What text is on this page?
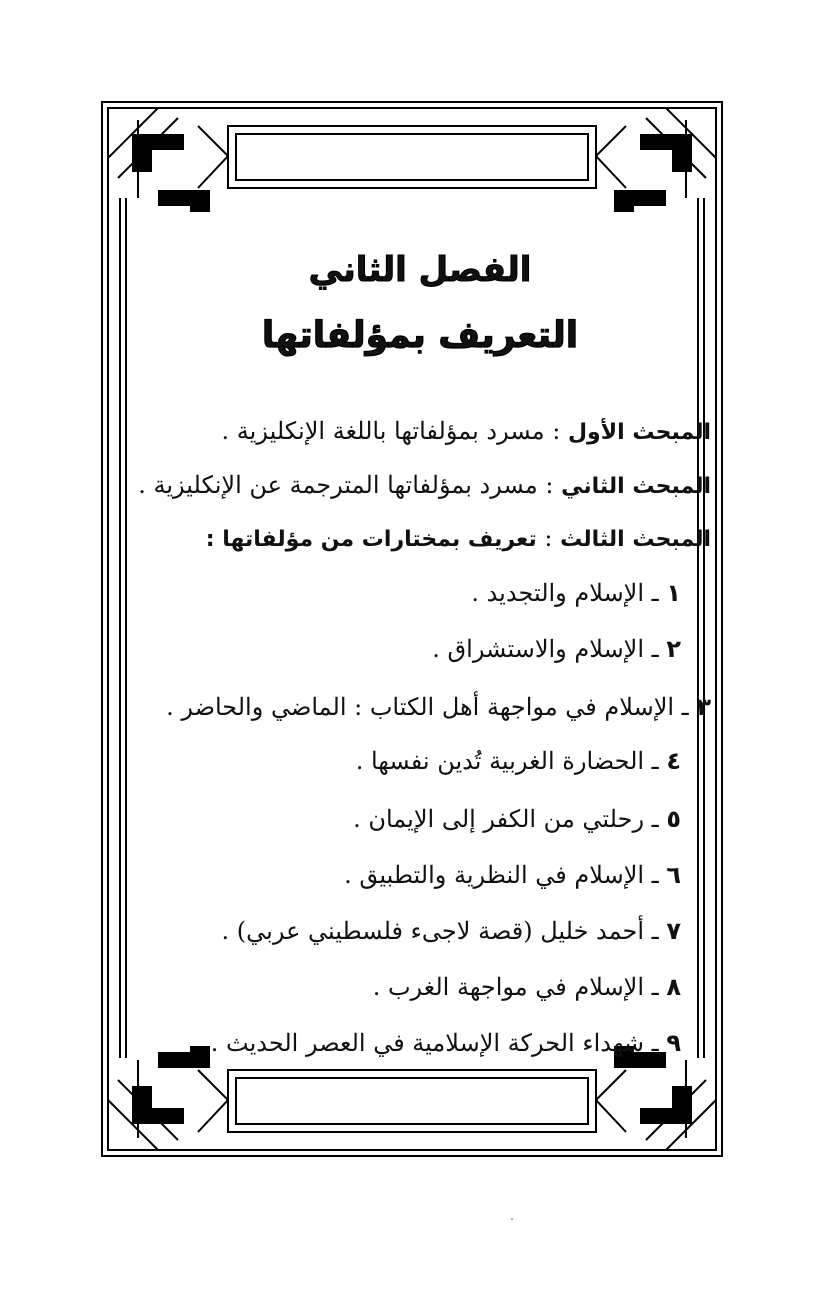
الفصل الثاني
التعريف بمؤلفاتها
المبحث الأول : مسرد بمؤلفاتها باللغة الإنكليزية .
المبحث الثاني : مسرد بمؤلفاتها المترجمة عن الإنكليزية .
المبحث الثالث : تعريف بمختارات من مؤلفاتها :
١ ـ الإسلام والتجديد .
٢ ـ الإسلام والاستشراق .
٣ ـ الإسلام في مواجهة أهل الكتاب : الماضي والحاضر .
٤ ـ الحضارة الغربية تُدين نفسها .
٥ ـ رحلتي من الكفر إلى الإيمان .
٦ ـ الإسلام في النظرية والتطبيق .
٧ ـ أحمد خليل (قصة لاجىء فلسطيني عربي) .
٨ ـ الإسلام في مواجهة الغرب .
٩ ـ شهداء الحركة الإسلامية في العصر الحديث .
